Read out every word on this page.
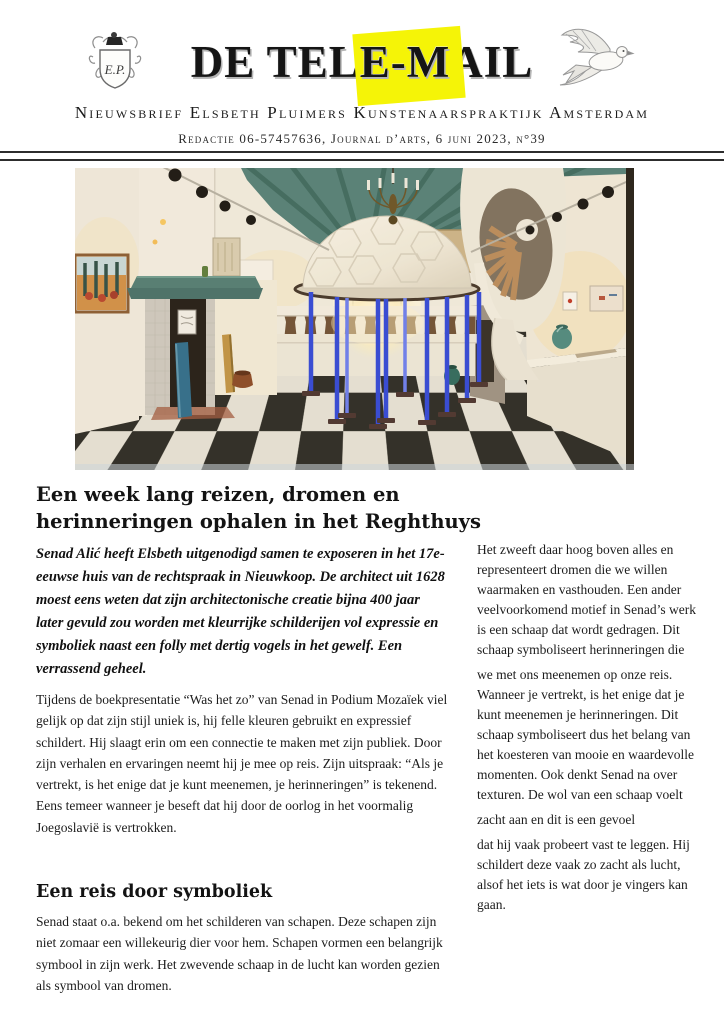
E.P.	DE TELE-MAIL
Nieuwsbrief Elsbeth Pluimers Kunstenaarspraktijk Amsterdam
Redactie 06-57457636, Journal d’arts, 6 juni 2023, n°39
Een week lang reizen, dromen en
herinneringen ophalen in het Reghthuys

Senad Alić heeft Elsbeth uitgenodigd samen te exposeren in het 17e-eeuwse huis van de rechtspraak in Nieuwkoop. De architect uit 1628 moest eens weten dat zijn architectonische creatie bijna 400 jaar later gevuld zou worden met kleurrijke schilderijen vol expressie en symboliek naast een folly met dertig vogels in het gewelf. Een verrassend geheel.

Tijdens de boekpresentatie “Was het zo” van Senad in Podium Mozaïek viel gelijk op dat zijn stijl uniek is, hij felle kleuren gebruikt en expressief schildert. Hij slaagt erin om een connectie te maken met zijn publiek. Door zijn verhalen en ervaringen neemt hij je mee op reis. Zijn uitspraak: “Als je vertrekt, is het enige dat je kunt meenemen, je herinneringen” is tekenend. Eens temeer wanneer je beseft dat hij door de oorlog in het voormalig Joegoslavië is vertrokken.

Een reis door symboliek

Senad staat o.a. bekend om het schilderen van schapen. Deze schapen zijn niet zomaar een willekeurig dier voor hem. Schapen vormen een belangrijk symbool in zijn werk. Het zwevende schaap in de lucht kan worden gezien als symbool van dromen.

Het zweeft daar hoog boven alles en representeert dromen die we willen waarmaken en vasthouden. Een ander veelvoorkomend motief in Senad’s werk is een schaap dat wordt gedragen. Dit schaap symboliseert herinneringen die

we met ons meenemen op onze reis. Wanneer je vertrekt, is het enige dat je kunt meenemen je herinneringen. Dit schaap symboliseert dus het belang van het koesteren van mooie en waardevolle momenten. Ook denkt Senad na over texturen. De wol van een schaap voelt

zacht aan en dit is een gevoel

dat hij vaak probeert vast te leggen. Hij schildert deze vaak zo zacht als lucht, alsof het iets is wat door je vingers kan gaan.
